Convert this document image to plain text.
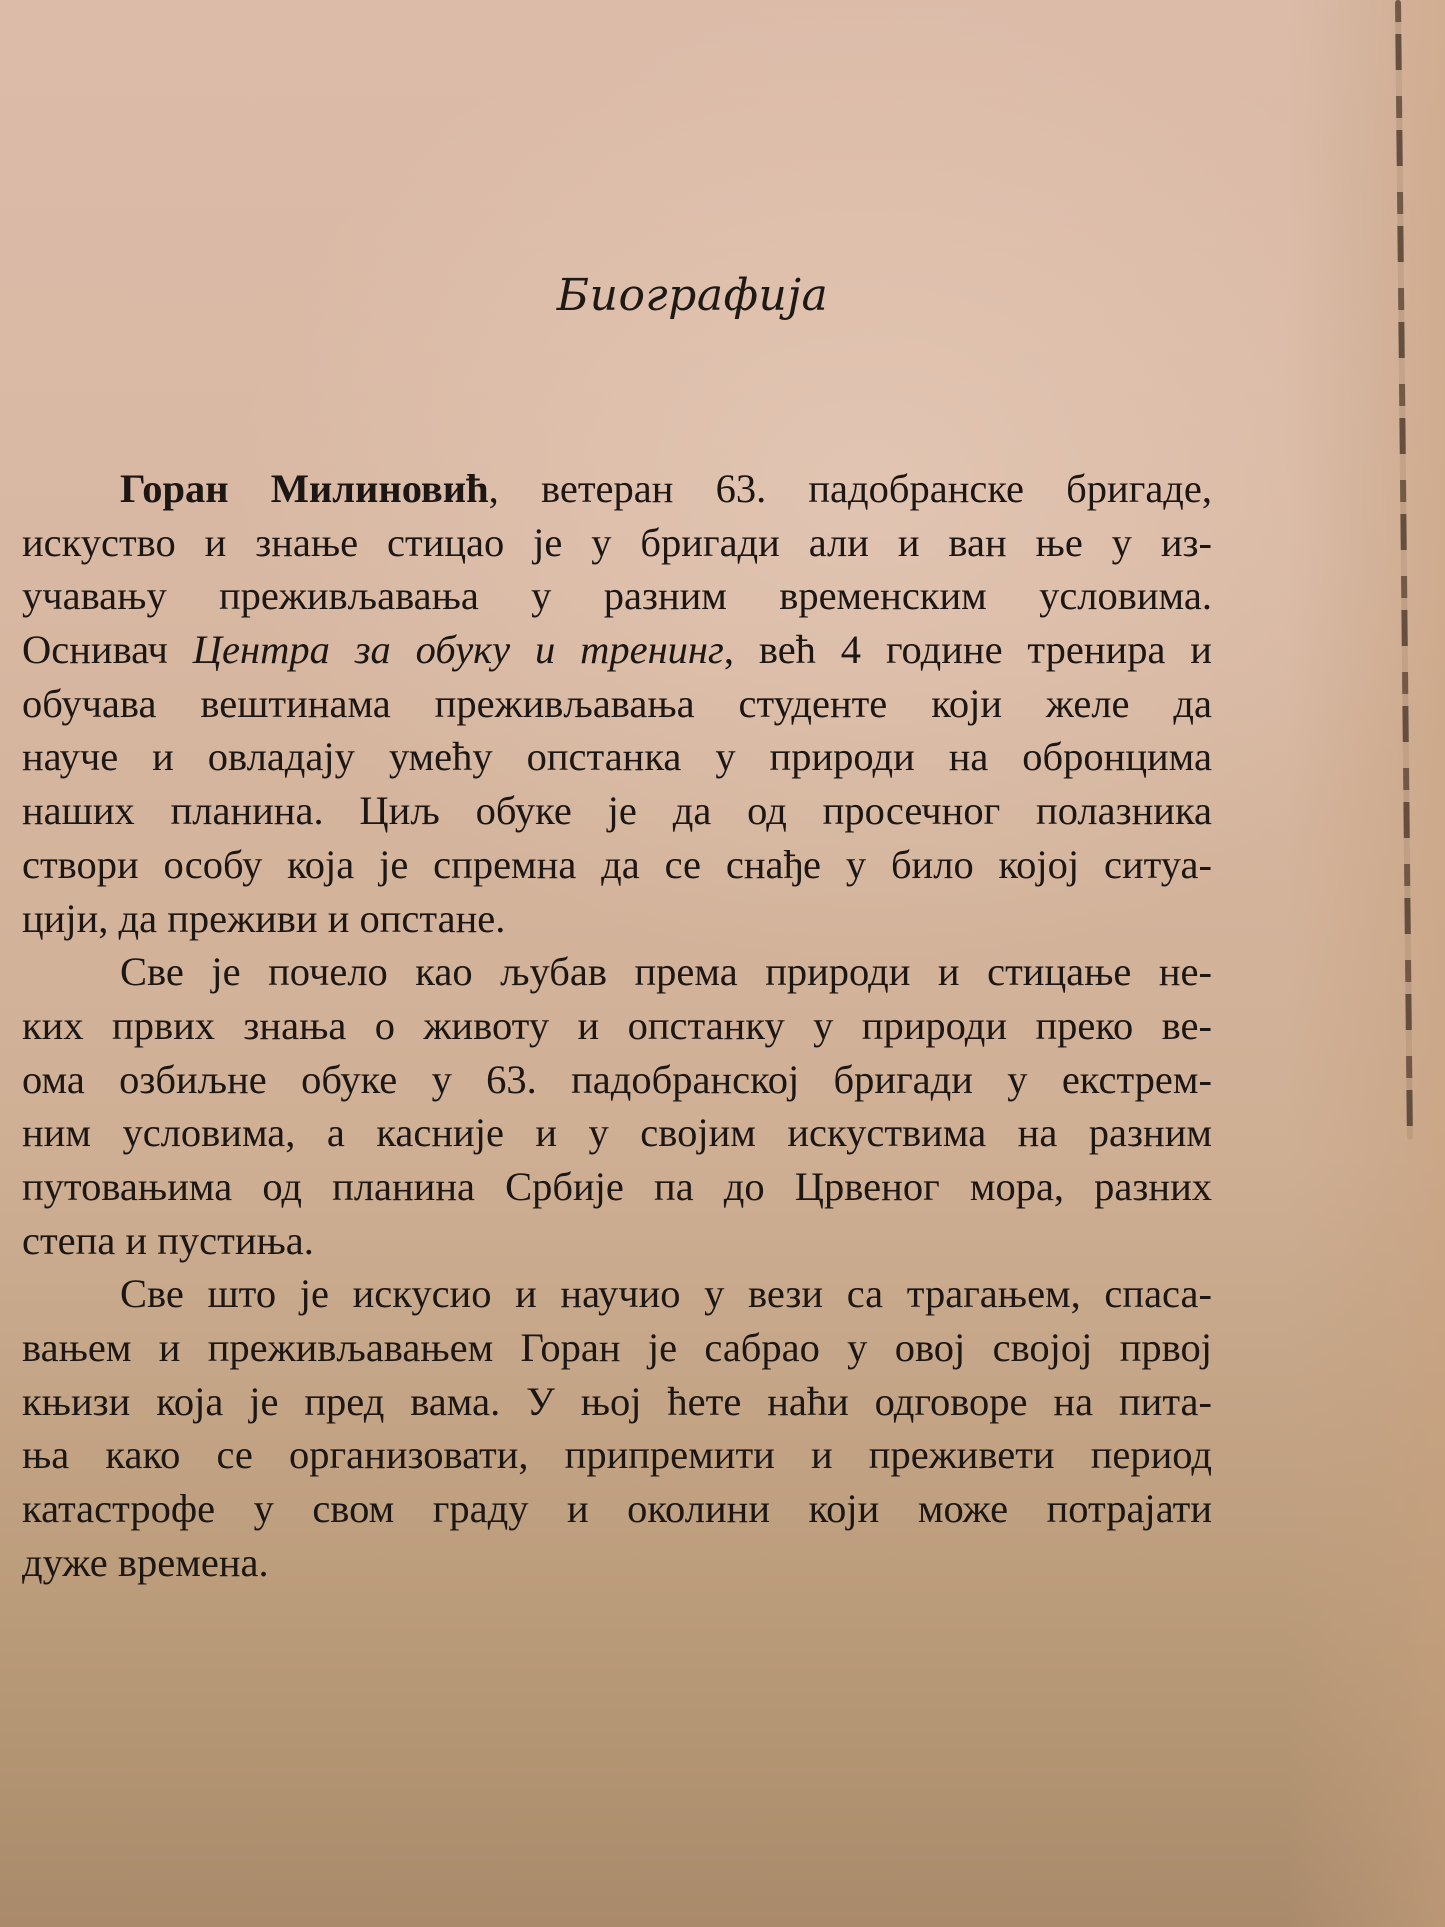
Биографија
Горан Милиновић, ветеран 63. падобранске бригаде,
искуство и знање стицао је у бригади али и ван ње у из-
учавању преживљавања у разним временским условима.
Оснивач Центра за обуку и тренинг, већ 4 године тренира и
обучава вештинама преживљавања студенте који желе да
науче и овладају умећу опстанка у природи на обронцима
наших планина. Циљ обуке је да од просечног полазника
створи особу која је спремна да се снађе у било којој ситуа-
цији, да преживи и опстане.
Све је почело као љубав према природи и стицање не-
ких првих знања о животу и опстанку у природи преко ве-
ома озбиљне обуке у 63. падобранској бригади у екстрем-
ним условима, а касније и у својим искуствима на разним
путовањима од планина Србије па до Црвеног мора, разних
степа и пустиња.
Све што је искусио и научио у вези са трагањем, спаса-
вањем и преживљавањем Горан је сабрао у овој својој првој
књизи која је пред вама. У њој ћете наћи одговоре на пита-
ња како се организовати, припремити и преживети период
катастрофе у свом граду и околини који може потрајати
дуже времена.
